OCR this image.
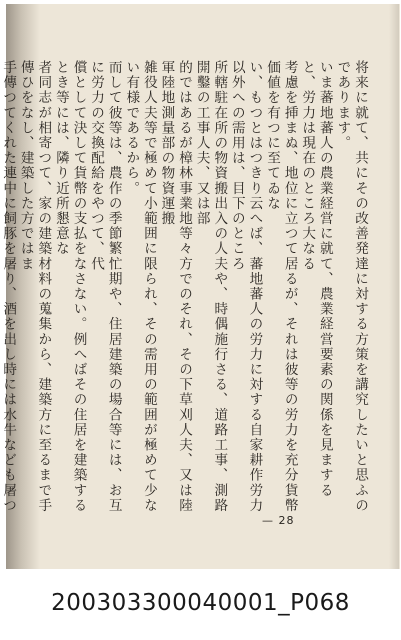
将来に就て、共にその改善発達に対する方策を講究したいと思ふのであります。

いま蕃地蕃人の農業経営に就て、農業経営要素の関係を見ますると、労力は現在のところ大なる

考慮を挿まぬ、地位に立つて居るが、それは彼等の労力を充分貨幣価値を有つに至てゐな

い、もつとはつきり云へば、蕃地蕃人の労力に対する自家耕作労力以外への需用は、目下のところ

所轄駐在所の物資搬出入の人夫や、時偶施行さる、道路工事、測路開鑿の工事人夫、又は部

的ではあるが樟林事業地等々方でのそれ、その下草刈人夫、又は陸軍陸地測量部の物資運搬

雑役人夫等で極めて小範囲に限られ、その需用の範囲が極めて少ない有様であるから。

而して彼等は、農作の季節繁忙期や、住居建築の場合等には、お互に労力の交換配給をやつて、代

償として決して貨幣の支払をなさない。例へばその住居を建築するとき等には、隣り近所懇意な

者同志が相寄つて、家の建築材料の蒐集から、建築方に至るまで手傳ひをなし、建築した方ではま

手傳つてくれた連中に飼豚を屠り、酒を出し時には水牛なども屠つ

— 28
200303300040001_P068
